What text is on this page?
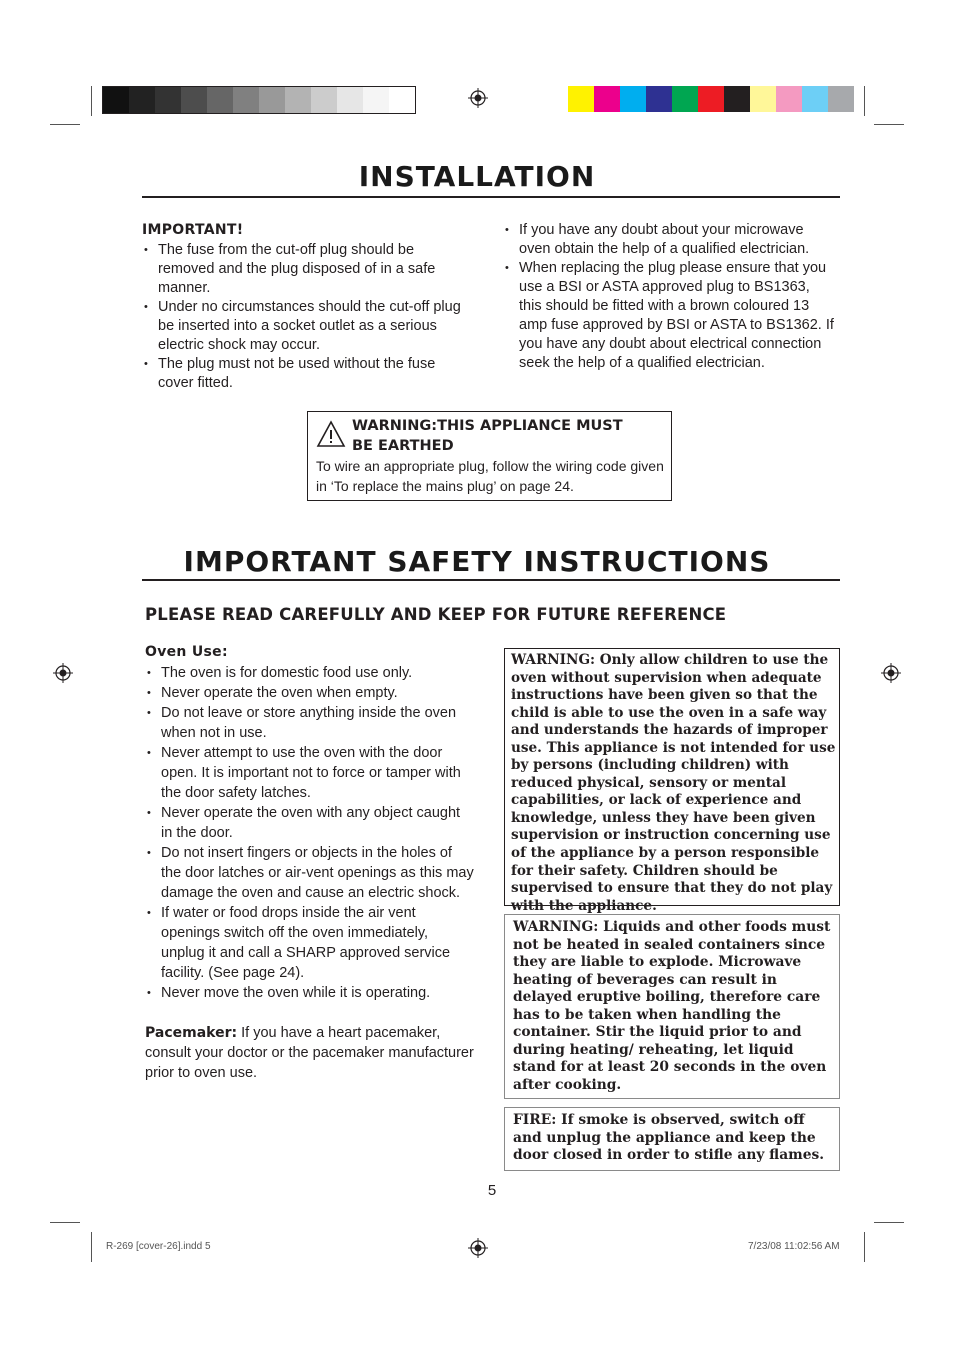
INSTALLATION
IMPORTANT!
• The fuse from the cut-off plug should be removed and the plug disposed of in a safe manner.
• Under no circumstances should the cut-off plug be inserted into a socket outlet as a serious electric shock may occur.
• The plug must not be used without the fuse cover fitted.
• If you have any doubt about your microwave oven obtain the help of a qualified electrician.
• When replacing the plug please ensure that you use a BSI or ASTA approved plug to BS1363, this should be fitted with a brown coloured 13 amp fuse approved by BSI or ASTA to BS1362. If you have any doubt about electrical connection seek the help of a qualified electrician.
WARNING:THIS APPLIANCE MUST
BE EARTHED
To wire an appropriate plug, follow the wiring code given in ‘To replace the mains plug’ on page 24.
IMPORTANT SAFETY INSTRUCTIONS
PLEASE READ CAREFULLY AND KEEP FOR FUTURE REFERENCE
Oven Use:
• The oven is for domestic food use only.
• Never operate the oven when empty.
• Do not leave or store anything inside the oven when not in use.
• Never attempt to use the oven with the door open. It is important not to force or tamper with the door safety latches.
• Never operate the oven with any object caught in the door.
• Do not insert fingers or objects in the holes of the door latches or air-vent openings as this may damage the oven and cause an electric shock.
• If water or food drops inside the air vent openings switch off the oven immediately, unplug it and call a SHARP approved service facility. (See page 24).
• Never move the oven while it is operating.
Pacemaker: If you have a heart pacemaker, consult your doctor or the pacemaker manufacturer prior to oven use.
WARNING: Only allow children to use the oven without supervision when adequate instructions have been given so that the child is able to use the oven in a safe way and understands the hazards of improper use. This appliance is not intended for use by persons (including children) with reduced physical, sensory or mental capabilities, or lack of experience and knowledge, unless they have been given supervision or instruction concerning use of the appliance by a person responsible for their safety. Children should be supervised to ensure that they do not play with the appliance.
WARNING: Liquids and other foods must not be heated in sealed containers since they are liable to explode. Microwave heating of beverages can result in delayed eruptive boiling, therefore care has to be taken when handling the container. Stir the liquid prior to and during heating/ reheating, let liquid stand for at least 20 seconds in the oven after cooking.
FIRE: If smoke is observed, switch off and unplug the appliance and keep the door closed in order to stifle any flames.
5
R-269 [cover-26].indd 5	7/23/08 11:02:56 AM
